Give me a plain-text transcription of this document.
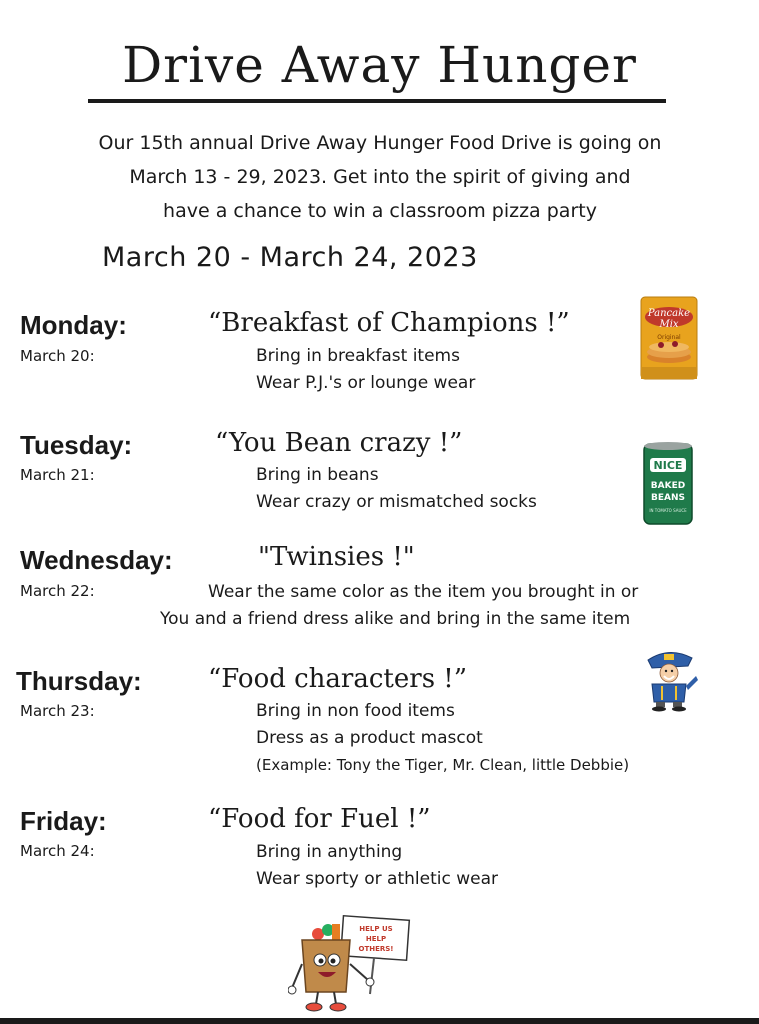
Drive Away Hunger
Our 15th annual Drive Away Hunger Food Drive is going on
March 13 - 29, 2023. Get into the spirit of giving and
have a chance to win a classroom pizza party
March 20 - March 24, 2023
Monday:
March 20:
“Breakfast of Champions !”
Bring in breakfast items
Wear P.J.'s or lounge wear
Tuesday:
March 21:
“You Bean crazy !”
Bring in beans
Wear crazy or mismatched socks
Wednesday:
March 22:
"Twinsies !"
Wear the same color as the item you brought in or
You and a friend dress alike and bring in the same item
Thursday:
March 23:
“Food characters !”
Bring in non food items
Dress as a product mascot
(Example: Tony the Tiger, Mr. Clean, little Debbie)
Friday:
March 24:
“Food for Fuel !”
Bring in anything
Wear sporty or athletic wear
Pancake
Mix
Original
NICE
BAKED
BEANS
IN TOMATO SAUCE
HELP US
HELP
OTHERS!
